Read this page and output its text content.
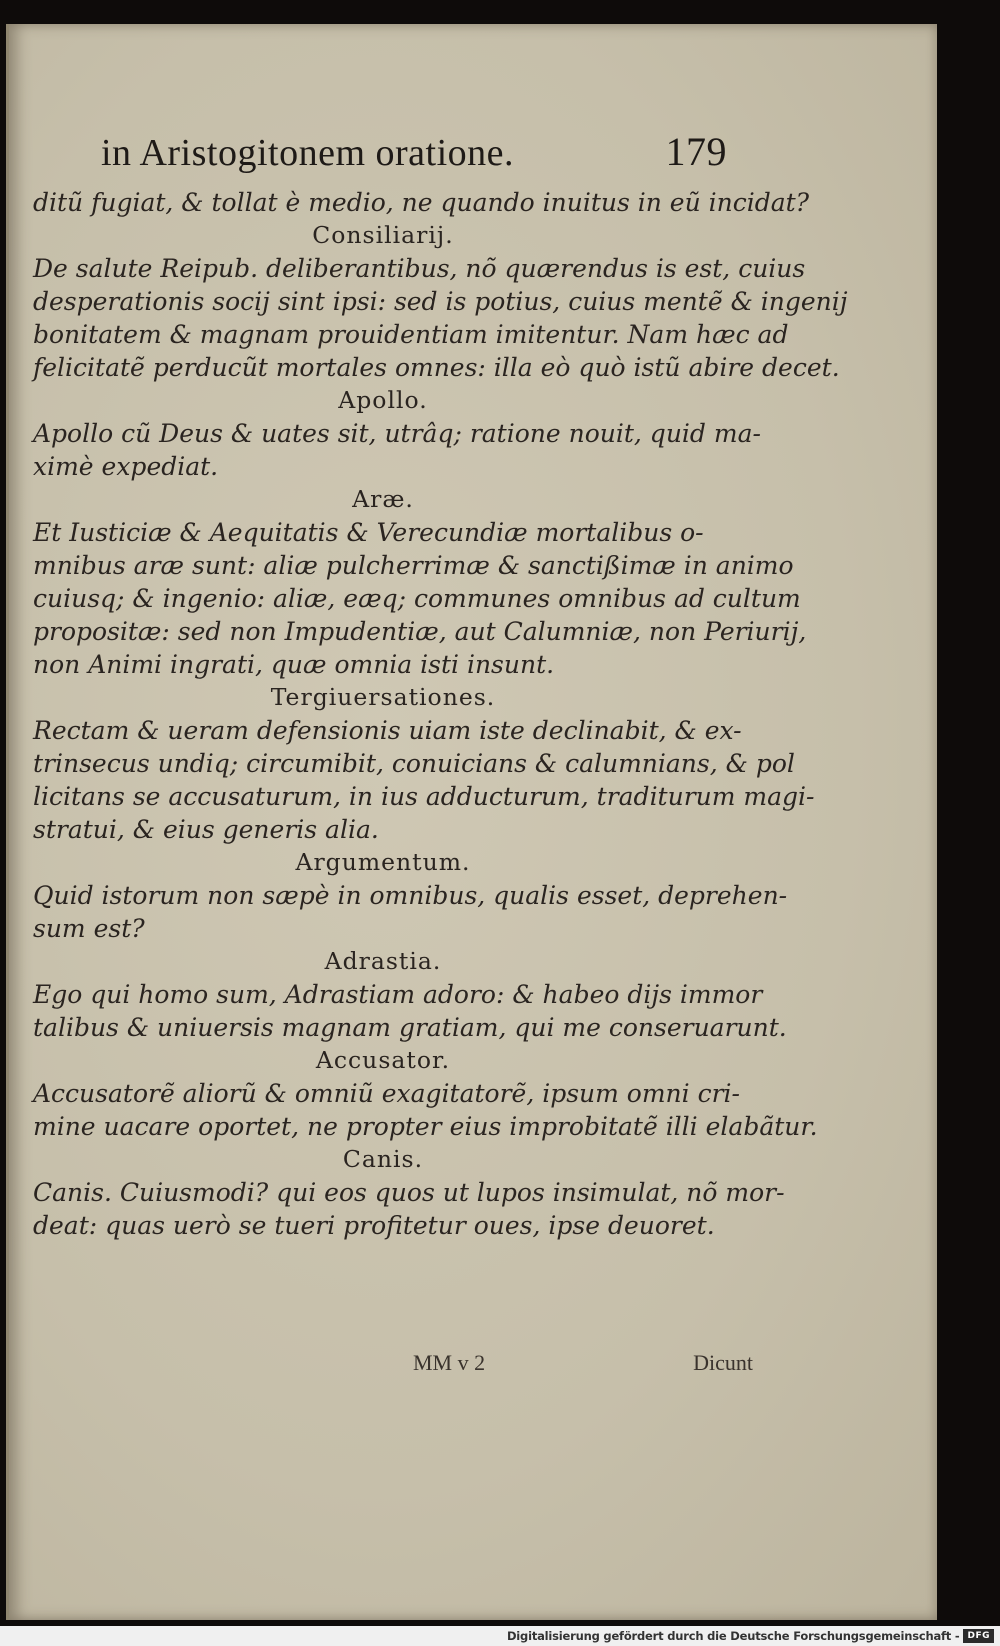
in Aristogitonem oratione.	179
ditũ fugiat, & tollat è medio, ne quando inuitus in eũ incidat?
Consiliarij.
De salute Reipub. deliberantibus, nõ quærendus is est, cuius
desperationis socij sint ipsi: sed is potius, cuius mentẽ & ingenij
bonitatem & magnam prouidentiam imitentur. Nam hæc ad
felicitatẽ perducũt mortales omnes: illa eò quò istũ abire decet.
Apollo.
Apollo cũ Deus & uates sit, utrâq; ratione nouit, quid ma-
ximè expediat.
Aræ.
Et Iusticiæ & Aequitatis & Verecundiæ mortalibus o-
mnibus aræ sunt: aliæ pulcherrimæ & sanctißimæ in animo
cuiusq; & ingenio: aliæ, eæq; communes omnibus ad cultum
propositæ: sed non Impudentiæ, aut Calumniæ, non Periurij,
non Animi ingrati, quæ omnia isti insunt.
Tergiuersationes.
Rectam & ueram defensionis uiam iste declinabit, & ex-
trinsecus undiq; circumibit, conuicians & calumnians, & pol
licitans se accusaturum, in ius adducturum, traditurum magi-
stratui, & eius generis alia.
Argumentum.
Quid istorum non sæpè in omnibus, qualis esset, deprehen-
sum est?
Adrastia.
Ego qui homo sum, Adrastiam adoro: & habeo dijs immor
talibus & uniuersis magnam gratiam, qui me conseruarunt.
Accusator.
Accusatorẽ aliorũ & omniũ exagitatorẽ, ipsum omni cri-
mine uacare oportet, ne propter eius improbitatẽ illi elabãtur.
Canis.
Canis. Cuiusmodi? qui eos quos ut lupos insimulat, nõ mor-
deat: quas uerò se tueri profitetur oues, ipse deuoret.
MM v 2	Dicunt
Digitalisierung gefördert durch die Deutsche Forschungsgemeinschaft - DFG
